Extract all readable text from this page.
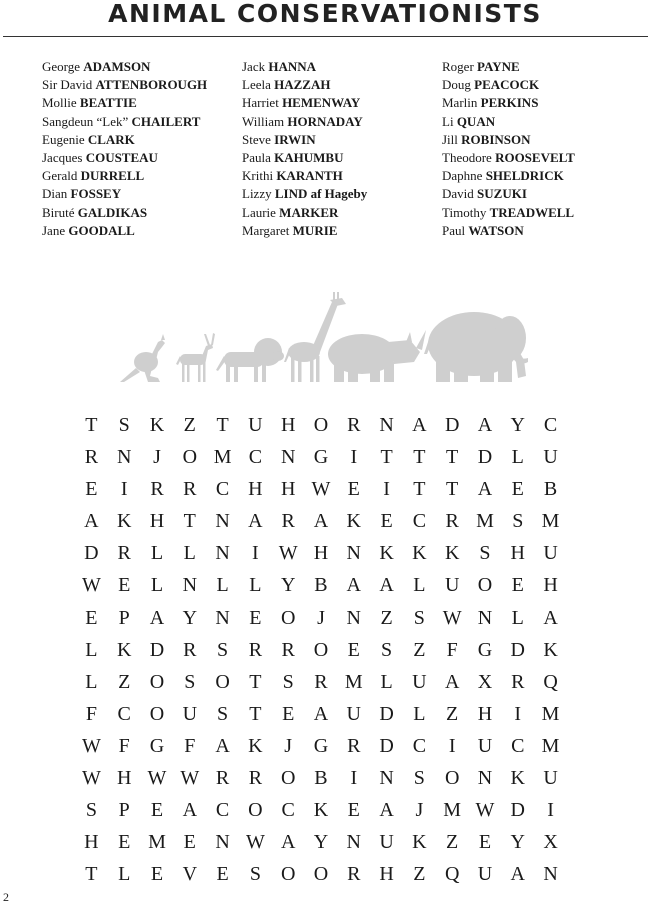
ANIMAL CONSERVATIONISTS
George ADAMSON
Sir David ATTENBOROUGH
Mollie BEATTIE
Sangdeun “Lek” CHAILERT
Eugenie CLARK
Jacques COUSTEAU
Gerald DURRELL
Dian FOSSEY
Biruté GALDIKAS
Jane GOODALL
Jack HANNA
Leela HAZZAH
Harriet HEMENWAY
William HORNADAY
Steve IRWIN
Paula KAHUMBU
Krithi KARANTH
Lizzy LIND af Hageby
Laurie MARKER
Margaret MURIE
Roger PAYNE
Doug PEACOCK
Marlin PERKINS
Li QUAN
Jill ROBINSON
Theodore ROOSEVELT
Daphne SHELDRICK
David SUZUKI
Timothy TREADWELL
Paul WATSON
T	S	K Z	T U H O R N A D A Y C
R N	J	O M C N G	I	T	T	T D L U
E	I	R R C H H W E	I	T	T A E	B
A K H T N A R A K E	C R M S M
D R	L	L N	I	W H N K K K	S	H U
W E	L N L	L Y B A A L U O E H
E	P	A Y N E O	J	N Z	S W N L A
L K D R	S	R R O E	S	Z	F	G D K
L	Z O	S	O T	S	R M L U A X R Q
F	C O U	S	T	E A U D L	Z H	I	M
W F	G	F	A K	J	G R D C	I	U C M
W H W W R R O B	I	N	S	O N K U
S	P	E A C O C K E A	J	M W D	I
H E M E N W A Y N U K Z	E Y X
T	L	E V E	S	O O R H Z Q U A N
2
